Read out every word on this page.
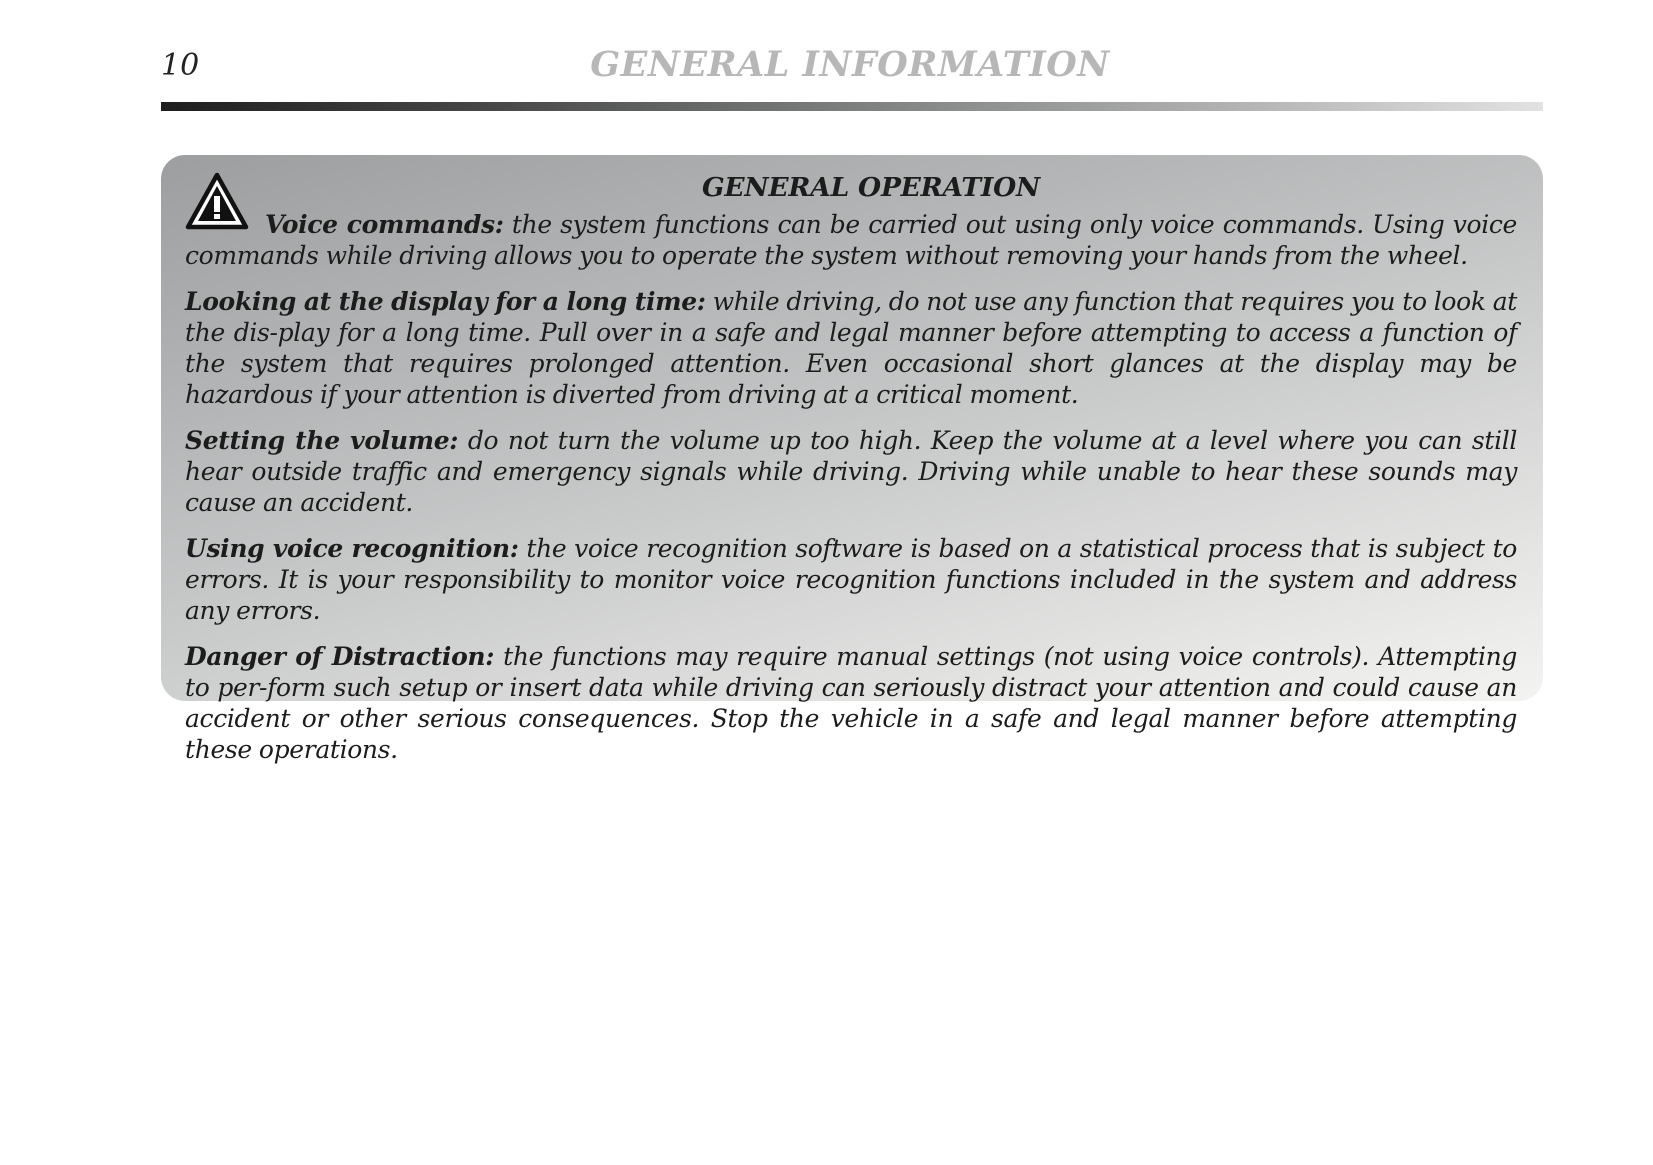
10	GENERAL INFORMATION
GENERAL OPERATION

Voice commands: the system functions can be carried out using only voice commands. Using voice commands while driving allows you to operate the system without removing your hands from the wheel.

Looking at the display for a long time: while driving, do not use any function that requires you to look at the dis-play for a long time. Pull over in a safe and legal manner before attempting to access a function of the system that requires prolonged attention. Even occasional short glances at the display may be hazardous if your attention is diverted from driving at a critical moment.

Setting the volume: do not turn the volume up too high. Keep the volume at a level where you can still hear outside traffic and emergency signals while driving. Driving while unable to hear these sounds may cause an accident.

Using voice recognition: the voice recognition software is based on a statistical process that is subject to errors. It is your responsibility to monitor voice recognition functions included in the system and address any errors.

Danger of Distraction: the functions may require manual settings (not using voice controls). Attempting to per-form such setup or insert data while driving can seriously distract your attention and could cause an accident or other serious consequences. Stop the vehicle in a safe and legal manner before attempting these operations.
